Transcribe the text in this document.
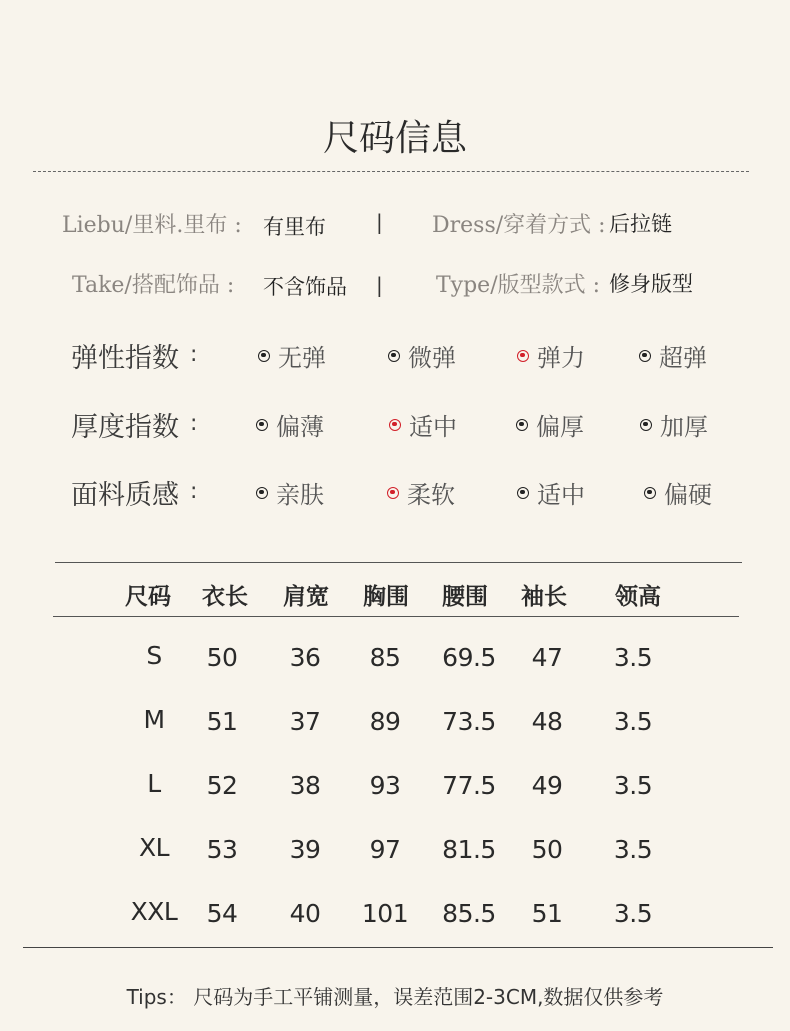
尺码信息
Liebu/里料.里布 : 有里布	| Dress/穿着方式 : 后拉链
Take/搭配饰品 : 不含饰品 | Type/版型款式 : 修身版型
弹性指数 :	无弹	微弹	弹力	超弹
厚度指数 :	偏薄	适中	偏厚	加厚
面料质感 :	亲肤	柔软	适中	偏硬
尺码 衣长 肩宽 胸围 腰围 袖长 领高
S 50 36 85 69.5 47 3.5
M 51 37 89 73.5 48 3.5
L 52 38 93 77.5 49 3.5
XL 53 39 97 81.5 50 3.5
XXL 54 40 101 85.5 51 3.5
Tips： 尺码为手工平铺测量，误差范围2-3CM,数据仅供参考
